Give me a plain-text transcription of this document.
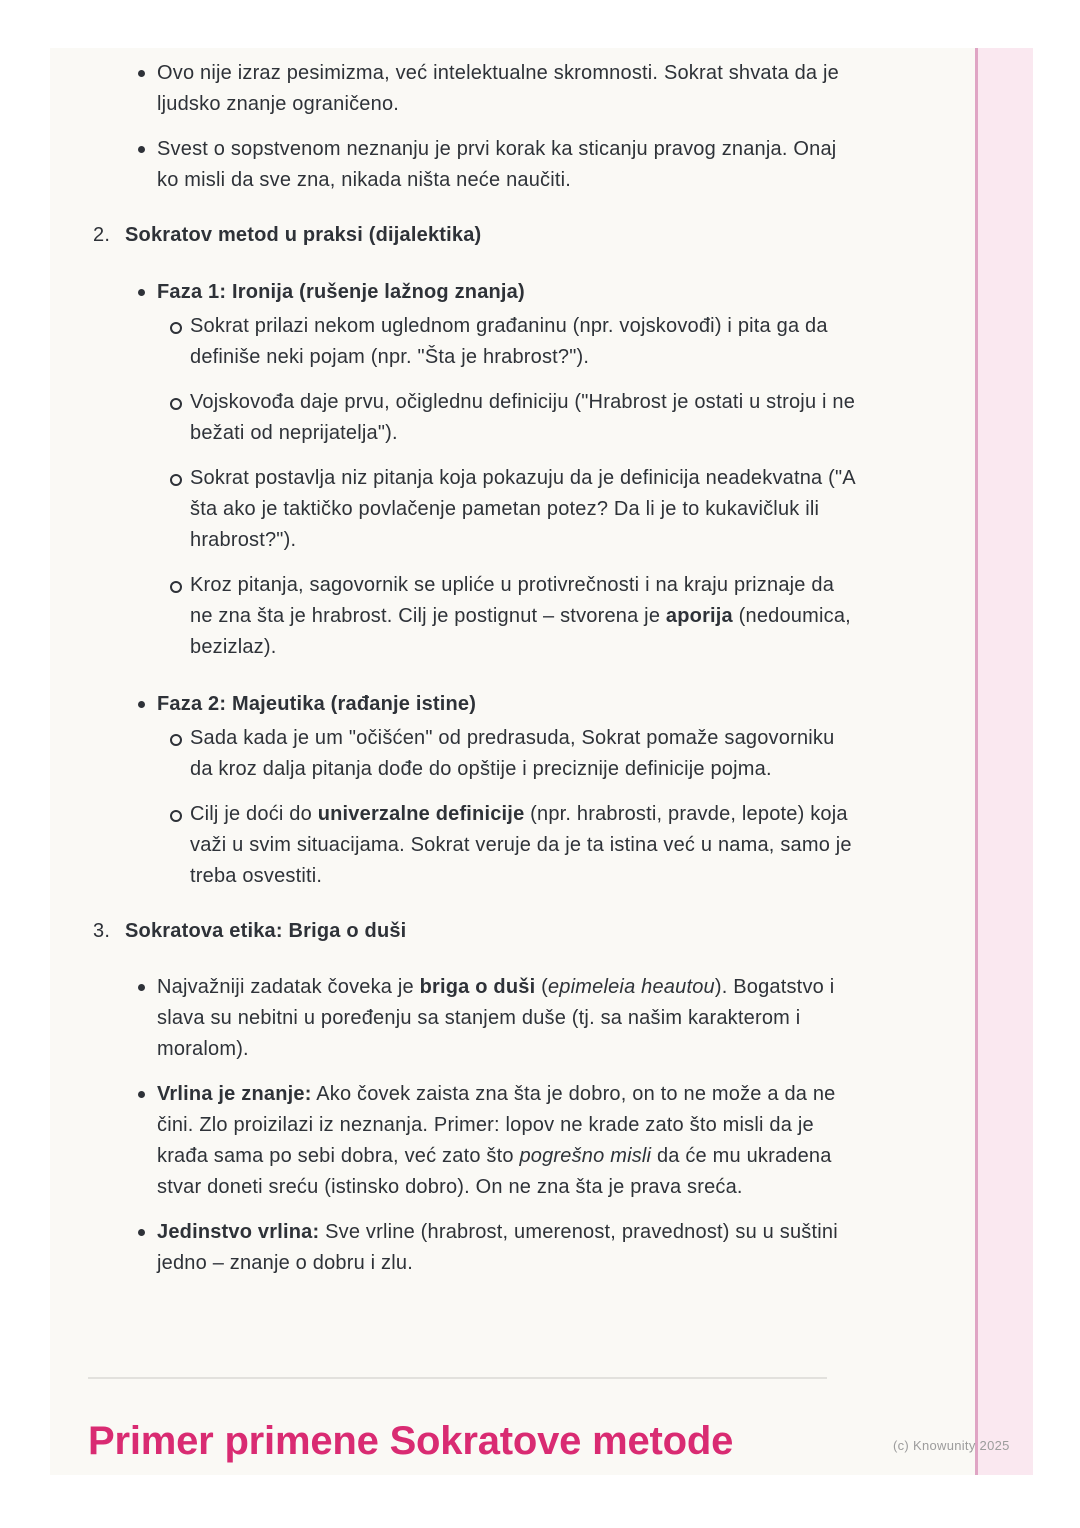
Ovo nije izraz pesimizma, već intelektualne skromnosti. Sokrat shvata da je ljudsko znanje ograničeno.
Svest o sopstvenom neznanju je prvi korak ka sticanju pravog znanja. Onaj ko misli da sve zna, nikada ništa neće naučiti.
2. Sokratov metod u praksi (dijalektika)
Faza 1: Ironija (rušenje lažnog znanja)
Sokrat prilazi nekom uglednom građaninu (npr. vojskovođi) i pita ga da definiše neki pojam (npr. "Šta je hrabrost?").
Vojskovođa daje prvu, očiglednu definiciju ("Hrabrost je ostati u stroju i ne bežati od neprijatelja").
Sokrat postavlja niz pitanja koja pokazuju da je definicija neadekvatna ("A šta ako je taktičko povlačenje pametan potez? Da li je to kukavičluk ili hrabrost?").
Kroz pitanja, sagovornik se upliće u protivrečnosti i na kraju priznaje da ne zna šta je hrabrost. Cilj je postignut – stvorena je aporija (nedoumica, bezizlaz).
Faza 2: Majeutika (rađanje istine)
Sada kada je um "očišćen" od predrasuda, Sokrat pomaže sagovorniku da kroz dalja pitanja dođe do opštije i preciznije definicije pojma.
Cilj je doći do univerzalne definicije (npr. hrabrosti, pravde, lepote) koja važi u svim situacijama. Sokrat veruje da je ta istina već u nama, samo je treba osvestiti.
3. Sokratova etika: Briga o duši
Najvažniji zadatak čoveka je briga o duši (epimeleia heautou). Bogatstvo i slava su nebitni u poređenju sa stanjem duše (tj. sa našim karakterom i moralom).
Vrlina je znanje: Ako čovek zaista zna šta je dobro, on to ne može a da ne čini. Zlo proizilazi iz neznanja. Primer: lopov ne krade zato što misli da je krađa sama po sebi dobra, već zato što pogrešno misli da će mu ukradena stvar doneti sreću (istinsko dobro). On ne zna šta je prava sreća.
Jedinstvo vrlina: Sve vrline (hrabrost, umerenost, pravednost) su u suštini jedno – znanje o dobru i zlu.
Primer primene Sokratove metode	(c) Knowunity 2025
